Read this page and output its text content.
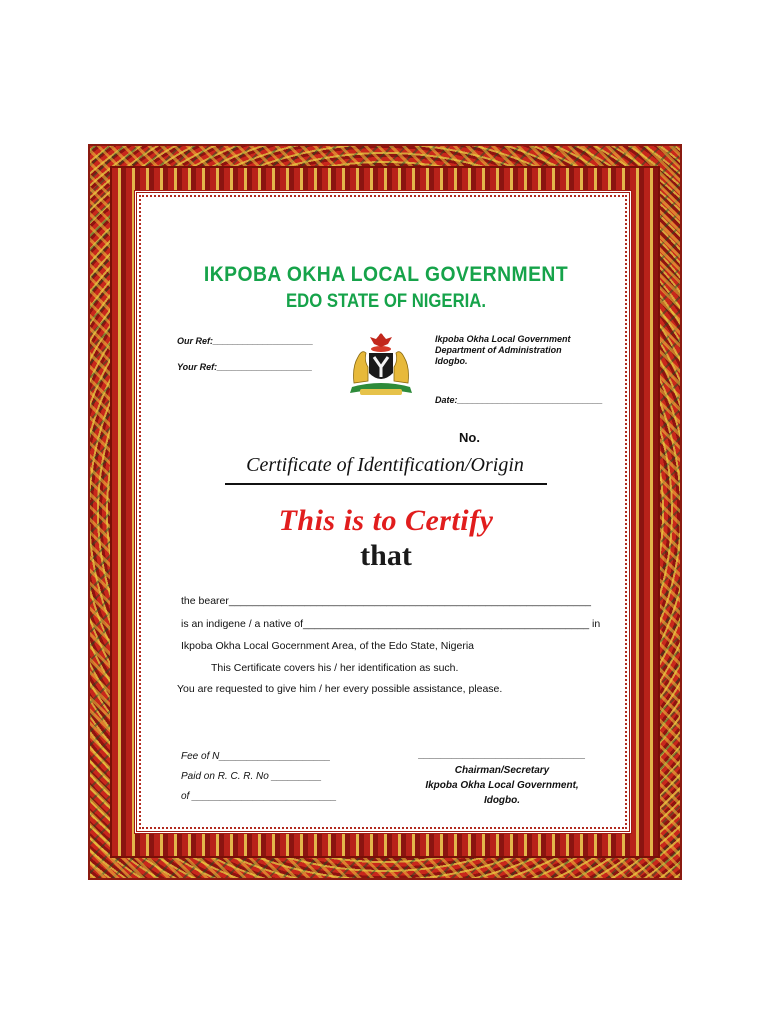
IKPOBA OKHA LOCAL GOVERNMENT
EDO STATE OF NIGERIA.
Our Ref:____________________
Your Ref:___________________
Ikpoba Okha Local Government
Department of Administration
Idogbo.
Date:_____________________________
No.
Certificate of Identification/Origin
This is to Certify
that
the bearer______________________________________________________________
is an indigene / a native of_________________________________________________ in
Ikpoba Okha Local Gocernment Area, of the Edo State, Nigeria
This Certificate covers his / her identification as such.
You are requested to give him / her every possible assistance, please.
Fee of N____________________
Paid on R. C. R. No _________
of __________________________
______________________________
Chairman/Secretary
Ikpoba Okha Local Government,
Idogbo.
